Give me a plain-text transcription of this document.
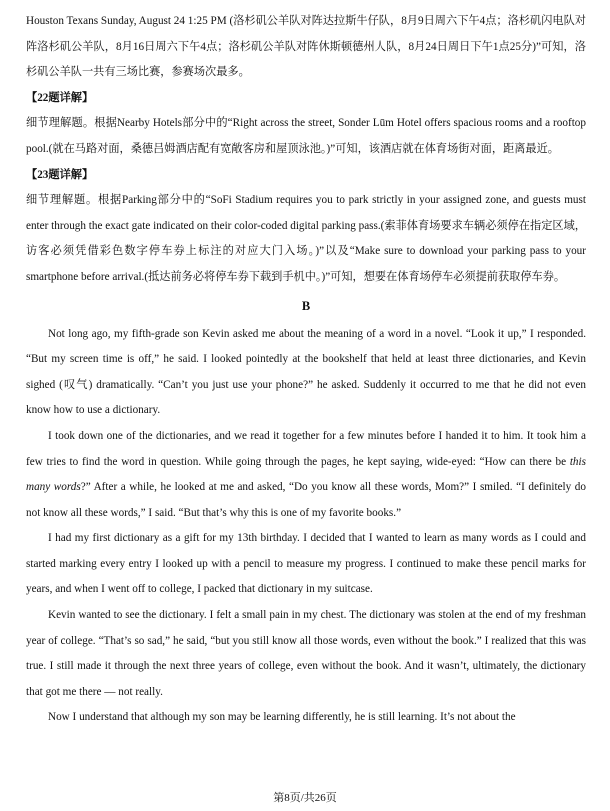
Houston Texans Sunday, August 24 1:25 PM (洛杉矶公羊队对阵达拉斯牛仔队，8月9日周六下午4点；洛杉矶闪电队对阵洛杉矶公羊队，8月16日周六下午4点；洛杉矶公羊队对阵休斯顿德州人队，8月24日周日下午1点25分)”可知，洛杉矶公羊队一共有三场比赛，参赛场次最多。

【22题详解】

细节理解题。根据Nearby Hotels部分中的“Right across the street, Sonder Lūm Hotel offers spacious rooms and a rooftop pool.(就在马路对面，桑德吕姆酒店配有宽敞客房和屋顶泳池。)”可知，该酒店就在体育场街对面，距离最近。

【23题详解】

细节理解题。根据Parking部分中的“SoFi Stadium requires you to park strictly in your assigned zone, and guests must enter through the exact gate indicated on their color-coded digital parking pass.(索菲体育场要求车辆必须停在指定区域，访客必须凭借彩色数字停车券上标注的对应大门入场。)”以及“Make sure to download your parking pass to your smartphone before arrival.(抵达前务必将停车券下载到手机中。)”可知，想要在体育场停车必须提前获取停车券。

B

Not long ago, my fifth-grade son Kevin asked me about the meaning of a word in a novel. “Look it up,” I responded. “But my screen time is off,” he said. I looked pointedly at the bookshelf that held at least three dictionaries, and Kevin sighed (叹气) dramatically. “Can’t you just use your phone?” he asked. Suddenly it occurred to me that he did not even know how to use a dictionary.

I took down one of the dictionaries, and we read it together for a few minutes before I handed it to him. It took him a few tries to find the word in question. While going through the pages, he kept saying, wide-eyed: “How can there be this many words?” After a while, he looked at me and asked, “Do you know all these words, Mom?” I smiled. “I definitely do not know all these words,” I said. “But that’s why this is one of my favorite books.”

I had my first dictionary as a gift for my 13th birthday. I decided that I wanted to learn as many words as I could and started marking every entry I looked up with a pencil to measure my progress. I continued to make these pencil marks for years, and when I went off to college, I packed that dictionary in my suitcase.

Kevin wanted to see the dictionary. I felt a small pain in my chest. The dictionary was stolen at the end of my freshman year of college. “That’s so sad,” he said, “but you still know all those words, even without the book.” I realized that this was true. I still made it through the next three years of college, even without the book. And it wasn’t, ultimately, the dictionary that got me there — not really.

Now I understand that although my son may be learning differently, he is still learning. It’s not about the

第8页/共26页
